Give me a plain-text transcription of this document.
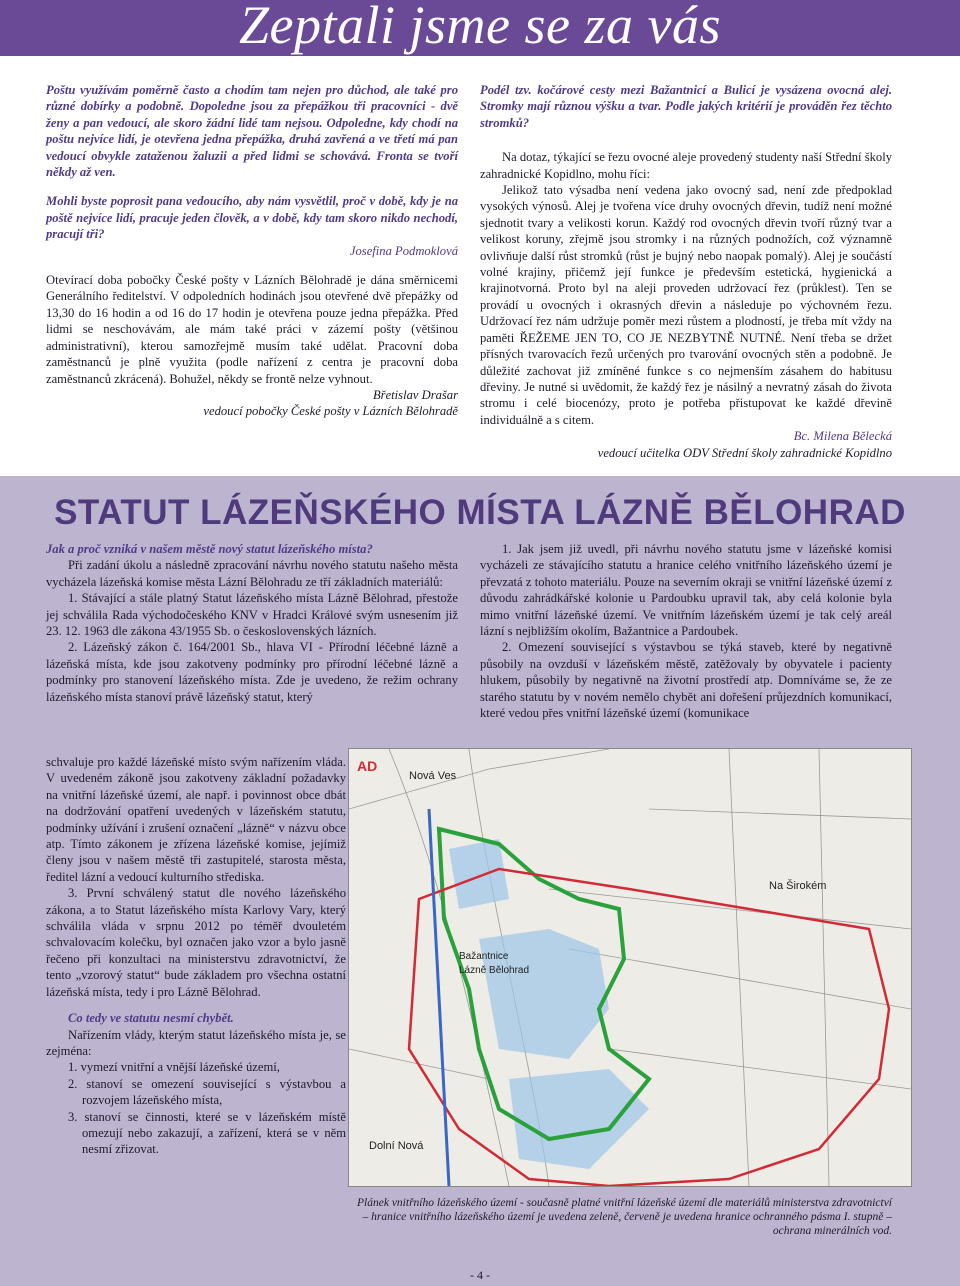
Zeptali jsme se za vás

Poštu využívám poměrně často a chodím tam nejen pro důchod, ale také pro různé dobírky a podobně. Dopoledne jsou za přepážkou tři pracovníci - dvě ženy a pan vedoucí, ale skoro žádní lidé tam nejsou. Odpoledne, kdy chodí na poštu nejvíce lidí, je otevřena jedna přepážka, druhá zavřená a ve třetí má pan vedoucí obvykle zataženou žaluzii a před lidmi se schovává. Fronta se tvoří někdy až ven.

Mohli byste poprosit pana vedoucího, aby nám vysvětlil, proč v době, kdy je na poště nejvíce lidí, pracuje jeden člověk, a v době, kdy tam skoro nikdo nechodí, pracují tři?

Josefina Podmoklová

Otevírací doba pobočky České pošty v Lázních Bělohradě je dána směrnicemi Generálního ředitelství. V odpoledních hodinách jsou otevřené dvě přepážky od 13,30 do 16 hodin a od 16 do 17 hodin je otevřena pouze jedna přepážka. Před lidmi se neschovávám, ale mám také práci v zázemí pošty (většinou administrativní), kterou samozřejmě musím také udělat. Pracovní doba zaměstnanců je plně využita (podle nařízení z centra je pracovní doba zaměstnanců zkrácená). Bohužel, někdy se frontě nelze vyhnout.

Břetislav Drašar

vedoucí pobočky České pošty v Lázních Bělohradě

Podél tzv. kočárové cesty mezi Bažantnicí a Bulicí je vysázena ovocná alej. Stromky mají různou výšku a tvar. Podle jakých kritérií je prováděn řez těchto stromků?

Na dotaz, týkající se řezu ovocné aleje provedený studenty naší Střední školy zahradnické Kopidlno, mohu říci:

Jelikož tato výsadba není vedena jako ovocný sad, není zde předpoklad vysokých výnosů. Alej je tvořena více druhy ovocných dřevin, tudíž není možné sjednotit tvary a velikosti korun. Každý rod ovocných dřevin tvoří různý tvar a velikost koruny, zřejmě jsou stromky i na různých podnožích, což významně ovlivňuje další růst stromků (růst je bujný nebo naopak pomalý). Alej je součástí volné krajiny, přičemž její funkce je především estetická, hygienická a krajinotvorná. Proto byl na aleji proveden udržovací řez (průklest). Ten se provádí u ovocných i okrasných dřevin a následuje po výchovném řezu. Udržovací řez nám udržuje poměr mezi růstem a plodností, je třeba mít vždy na paměti ŘEŽEME JEN TO, CO JE NEZBYTNĚ NUTNÉ. Není třeba se držet přísných tvarovacích řezů určených pro tvarování ovocných stěn a podobně. Je důležité zachovat již zmíněné funkce s co nejmenším zásahem do habitusu dřeviny. Je nutné si uvědomit, že každý řez je násilný a nevratný zásah do života stromu i celé biocenózy, proto je potřeba přistupovat ke každé dřevině individuálně a s citem.

Bc. Milena Bělecká

vedoucí učitelka ODV Střední školy zahradnické Kopidlno

STATUT LÁZEŇSKÉHO MÍSTA LÁZNĚ BĚLOHRAD

Jak a proč vzniká v našem městě nový statut lázeňského místa?

Při zadání úkolu a následně zpracování návrhu nového statutu našeho města vycházela lázeňská komise města Lázní Bělohradu ze tří základních materiálů:

1. Stávající a stále platný Statut lázeňského místa Lázně Bělohrad, přestože jej schválila Rada východočeského KNV v Hradci Králové svým usnesením již 23. 12. 1963 dle zákona 43/1955 Sb. o československých lázních.

2. Lázeňský zákon č. 164/2001 Sb., hlava VI - Přírodní léčebné lázně a lázeňská místa, kde jsou zakotveny podmínky pro přírodní léčebné lázně a podmínky pro stanovení lázeňského místa. Zde je uvedeno, že režim ochrany lázeňského místa stanoví právě lázeňský statut, který

schvaluje pro každé lázeňské místo svým nařízením vláda. V uvedeném zákoně jsou zakotveny základní požadavky na vnitřní lázeňské území, ale např. i povinnost obce dbát na dodržování opatření uvedených v lázeňském statutu, podmínky užívání i zrušení označení „lázně“ v názvu obce atp. Tímto zákonem je zřízena lázeňské komise, jejímiž členy jsou v našem městě tři zastupitelé, starosta města, ředitel lázní a vedoucí kulturního střediska.

3. První schválený statut dle nového lázeňského zákona, a to Statut lázeňského místa Karlovy Vary, který schválila vláda v srpnu 2012 po téměř dvouletém schvalovacím kolečku, byl označen jako vzor a bylo jasně řečeno při konzultaci na ministerstvu zdravotnictví, že tento „vzorový statut“ bude základem pro všechna ostatní lázeňská místa, tedy i pro Lázně Bělohrad.

Co tedy ve statutu nesmí chybět.

Nařízením vlády, kterým statut lázeňského místa je, se zejména:

1. vymezí vnitřní a vnější lázeňské území,

2. stanoví se omezení související s výstavbou a rozvojem lázeňského místa,

3. stanoví se činnosti, které se v lázeňském místě omezují nebo zakazují, a zařízení, která se v něm nesmí zřizovat.

1. Jak jsem již uvedl, při návrhu nového statutu jsme v lázeňské komisi vycházeli ze stávajícího statutu a hranice celého vnitřního lázeňského území je převzatá z tohoto materiálu. Pouze na severním okraji se vnitřní lázeňské území z důvodu zahrádkářské kolonie u Pardoubku upravil tak, aby celá kolonie byla mimo vnitřní lázeňské území. Ve vnitřním lázeňském území je tak celý areál lázní s nejbližším okolím, Bažantnice a Pardoubek.

2. Omezení související s výstavbou se týká staveb, které by negativně působily na ovzduší v lázeňském městě, zatěžovaly by obyvatele i pacienty hlukem, působily by negativně na životní prostředí atp. Domníváme se, že ze starého statutu by v novém nemělo chybět ani dořešení průjezdních komunikací, které vedou přes vnitřní lázeňské území (komunikace

AD
Nová Ves
Na Širokém
Bažantnice
Lázně Bělohrad
Dolní Nová
Plánek vnitřního lázeňského území - současně platné vnitřní lázeňské území dle materiálů ministerstva zdravotnictví – hranice vnitřního lázeňského území je uvedena zeleně, červeně je uvedena hranice ochranného pásma I. stupně – ochrana minerálních vod.
- 4 -
